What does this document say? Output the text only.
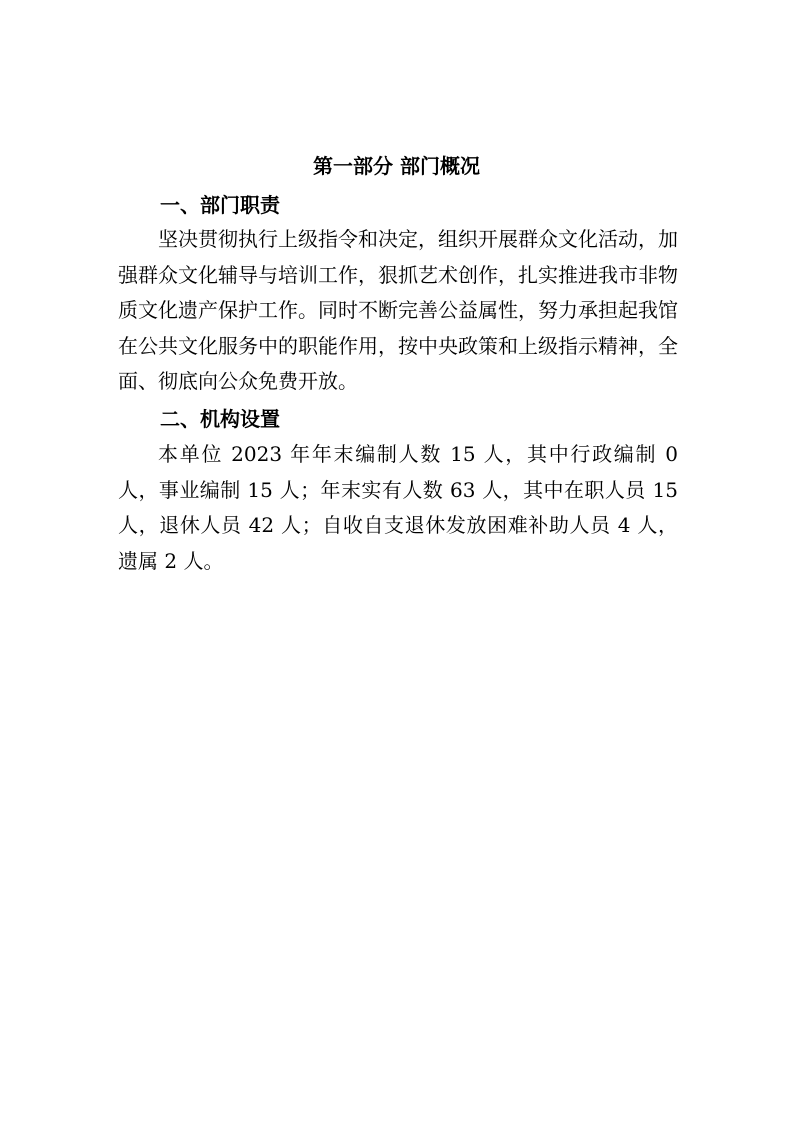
第一部分 部门概况
一、部门职责
坚决贯彻执行上级指令和决定，组织开展群众文化活动，加强群众文化辅导与培训工作，狠抓艺术创作，扎实推进我市非物质文化遗产保护工作。同时不断完善公益属性，努力承担起我馆在公共文化服务中的职能作用，按中央政策和上级指示精神，全面、彻底向公众免费开放。
二、机构设置
本单位 2023 年年末编制人数 15 人，其中行政编制 0 人，事业编制 15 人；年末实有人数 63 人，其中在职人员 15 人，退休人员 42 人；自收自支退休发放困难补助人员 4 人，遗属 2 人。
